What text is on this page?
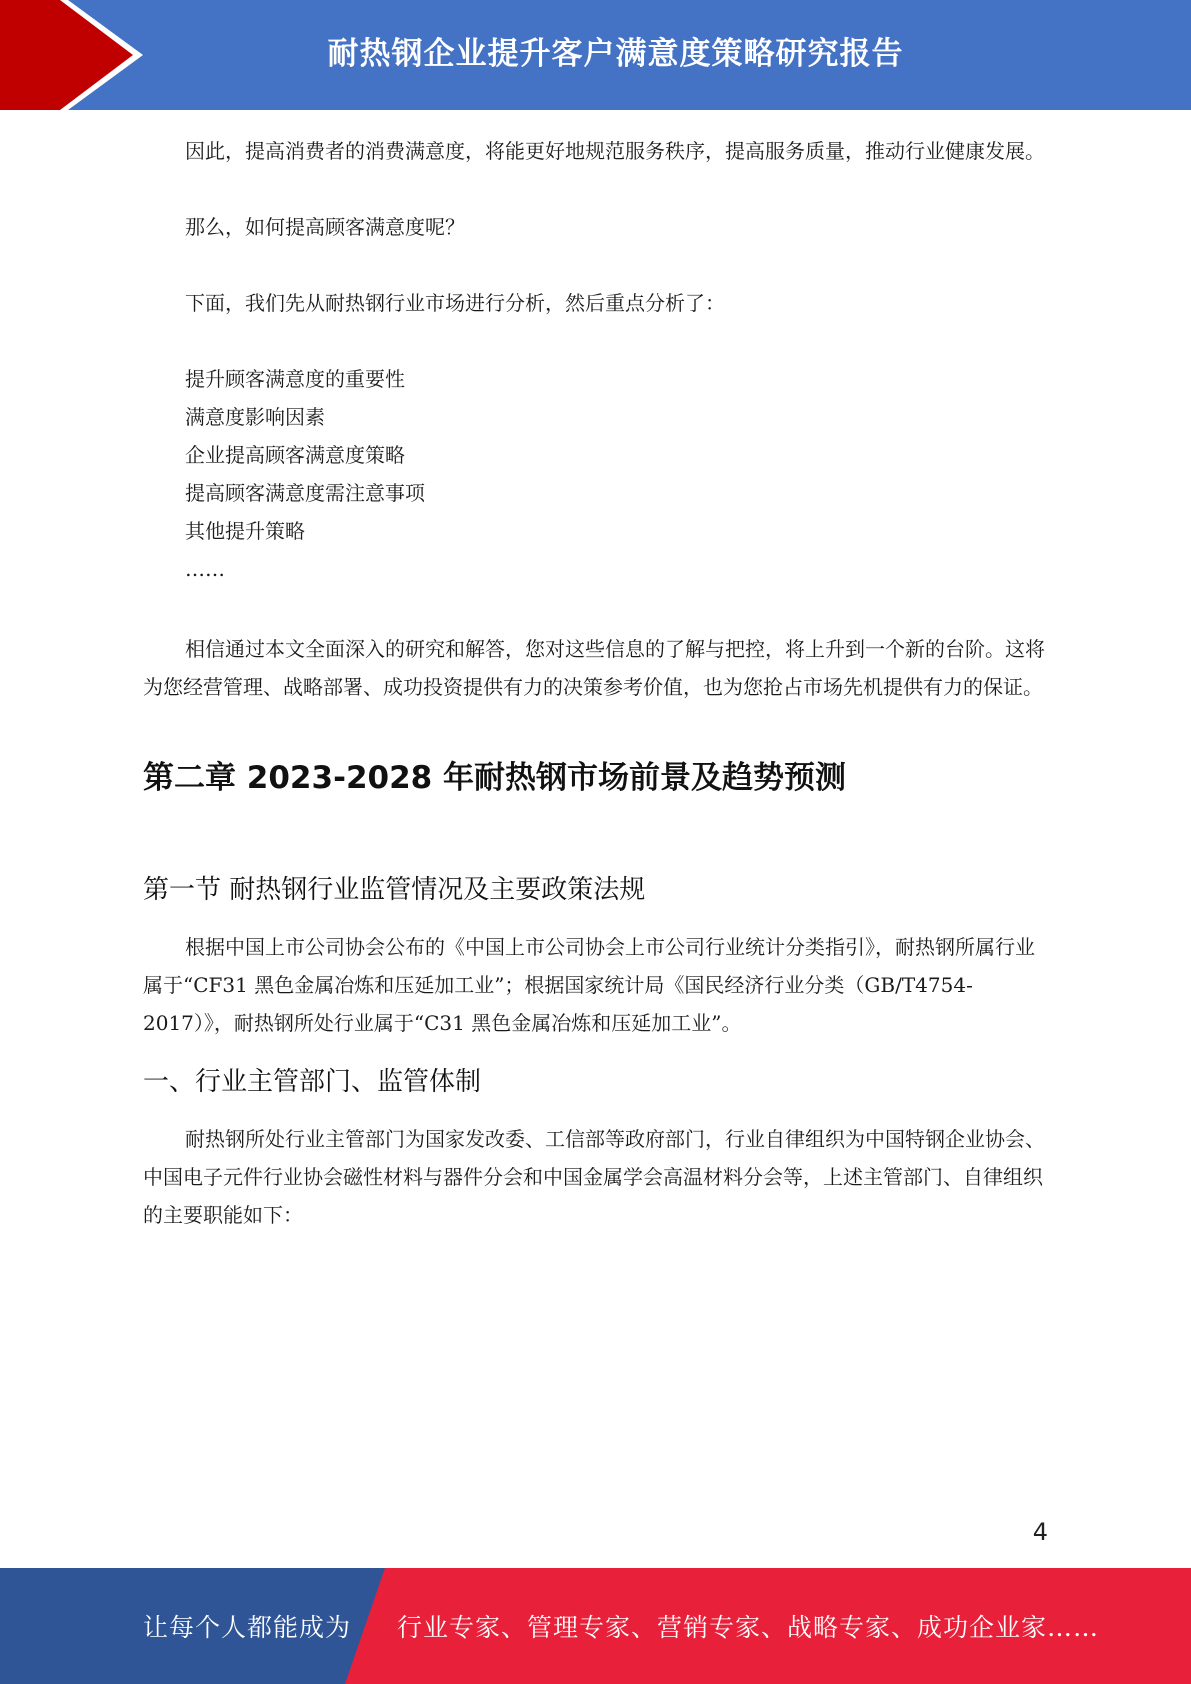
耐热钢企业提升客户满意度策略研究报告

因此，提高消费者的消费满意度，将能更好地规范服务秩序，提高服务质量，推动行业健康发展。

那么，如何提高顾客满意度呢？

下面，我们先从耐热钢行业市场进行分析，然后重点分析了：

提升顾客满意度的重要性

满意度影响因素

企业提高顾客满意度策略

提高顾客满意度需注意事项

其他提升策略

……

相信通过本文全面深入的研究和解答，您对这些信息的了解与把控，将上升到一个新的台阶。这将为您经营管理、战略部署、成功投资提供有力的决策参考价值，也为您抢占市场先机提供有力的保证。

第二章 2023-2028 年耐热钢市场前景及趋势预测
第一节 耐热钢行业监管情况及主要政策法规

根据中国上市公司协会公布的《中国上市公司协会上市公司行业统计分类指引》，耐热钢所属行业属于“CF31 黑色金属冶炼和压延加工业”；根据国家统计局《国民经济行业分类（GB/T4754-2017）》，耐热钢所处行业属于“C31 黑色金属冶炼和压延加工业”。

一、行业主管部门、监管体制

耐热钢所处行业主管部门为国家发改委、工信部等政府部门，行业自律组织为中国特钢企业协会、中国电子元件行业协会磁性材料与器件分会和中国金属学会高温材料分会等，上述主管部门、自律组织的主要职能如下：

4
让每个人都能成为 行业专家、管理专家、营销专家、战略专家、成功企业家……
